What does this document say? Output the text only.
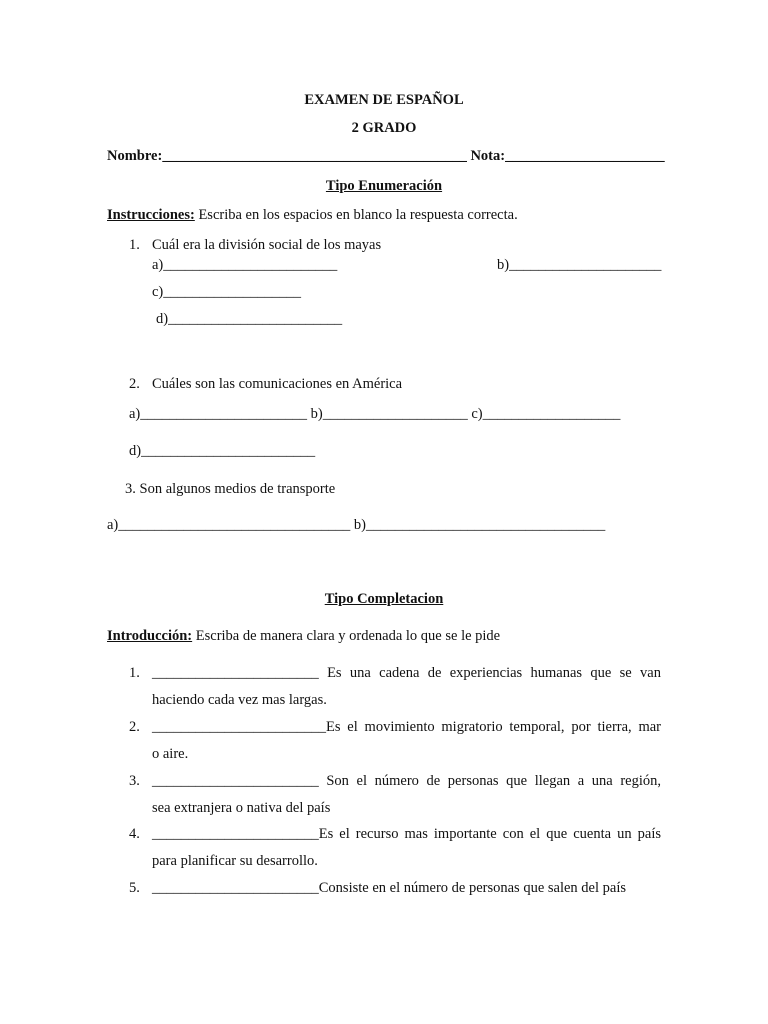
EXAMEN DE ESPAÑOL
2 GRADO
Nombre:__________________________________________ Nota:______________________
Tipo Enumeración
Instrucciones: Escriba en los espacios en blanco la respuesta correcta.
1. Cuál era la división social de los mayas
a)________________________	b)_____________________
c)___________________
d)________________________
2. Cuáles son las comunicaciones en América
a)_______________________ b)____________________ c)___________________
d)________________________
3. Son algunos medios de transporte
a)________________________________ b)_________________________________
Tipo Completacion
Introducción: Escriba de manera clara y ordenada lo que se le pide
1. _______________________ Es una cadena de experiencias humanas que se van
haciendo cada vez mas largas.
2. ________________________Es el movimiento migratorio temporal, por tierra, mar
o aire.
3. _______________________ Son el número de personas que llegan a una región,
sea extranjera o nativa del país
4. _______________________Es el recurso mas importante con el que cuenta un país
para planificar su desarrollo.
5. _______________________Consiste en el número de personas que salen del país
